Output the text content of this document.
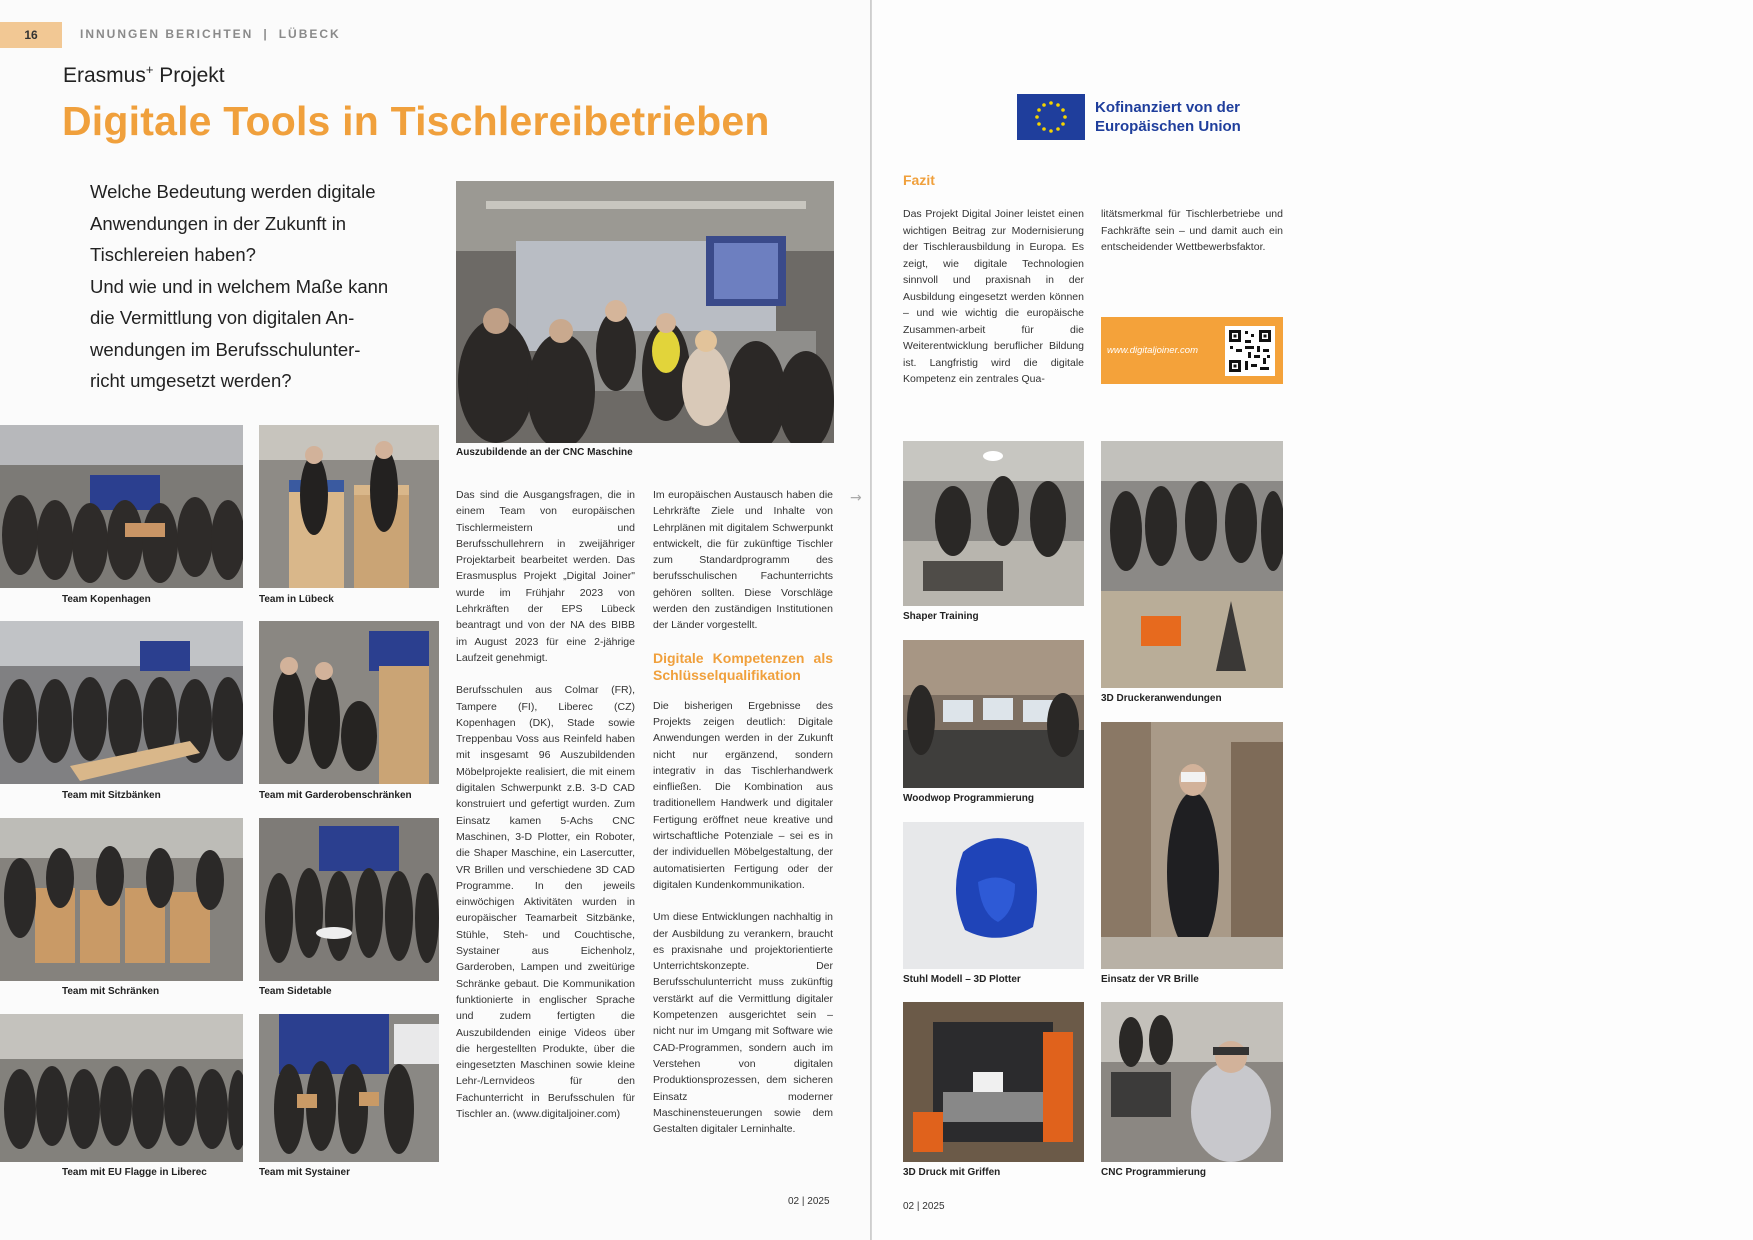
16	INNUNGEN BERICHTEN | LÜBECK
Erasmus+ Projekt
Digitale Tools in Tischlereibetrieben

Welche Bedeutung werden digitale

Anwendungen in der Zukunft in

Tischlereien haben?

Und wie und in welchem Maße kann

die Vermittlung von digitalen An-

wendungen im Berufsschulunter-

richt umgesetzt werden?

Auszubildende an der CNC Maschine
Team Kopenhagen	Team in Lübeck
Team mit Sitzbänken	Team mit Garderobenschränken
Team mit Schränken	Team Sidetable
Team mit EU Flagge in Liberec	Team mit Systainer

Das sind die Ausgangsfragen, die in einem Team von europäischen Tischlermeistern und Berufsschullehrern in zweijähriger Projektarbeit bearbeitet werden. Das Erasmusplus Projekt „Digital Joiner" wurde im Frühjahr 2023 von Lehrkräften der EPS Lübeck beantragt und von der NA des BIBB im August 2023 für eine 2-jährige Laufzeit genehmigt.

Berufsschulen aus Colmar (FR), Tampere (FI), Liberec (CZ) Kopenhagen (DK), Stade sowie Treppenbau Voss aus Reinfeld haben mit insgesamt 96 Auszubildenden Möbelprojekte realisiert, die mit einem digitalen Schwerpunkt z.B. 3-D CAD konstruiert und gefertigt wurden. Zum Einsatz kamen 5-Achs CNC Maschinen, 3-D Plotter, ein Roboter, die Shaper Maschine, ein Lasercutter, VR Brillen und verschiedene 3D CAD Programme. In den jeweils einwöchigen Aktivitäten wurden in europäischer Teamarbeit Sitzbänke, Stühle, Steh- und Couchtische, Systainer aus Eichenholz, Garderoben, Lampen und zweitürige Schränke gebaut. Die Kommunikation funktionierte in englischer Sprache und zudem fertigten die Auszubildenden einige Videos über die hergestellten Produkte, über die eingesetzten Maschinen sowie kleine Lehr-/Lernvideos für den Fachunterricht in Berufsschulen für Tischler an. (www.digitaljoiner.com)

Im europäischen Austausch haben die Lehrkräfte Ziele und Inhalte von Lehrplänen mit digitalem Schwerpunkt entwickelt, die für zukünftige Tischler zum Standardprogramm des berufsschulischen Fachunterrichts gehören sollten. Diese Vorschläge werden den zuständigen Institutionen der Länder vorgestellt.

Digitale Kompetenzen als Schlüsselqualifikation

Die bisherigen Ergebnisse des Projekts zeigen deutlich: Digitale Anwendungen werden in der Zukunft nicht nur ergänzend, sondern integrativ in das Tischlerhandwerk einfließen. Die Kombination aus traditionellem Handwerk und digitaler Fertigung eröffnet neue kreative und wirtschaftliche Potenziale – sei es in der individuellen Möbelgestaltung, der automatisierten Fertigung oder der digitalen Kundenkommunikation.

Um diese Entwicklungen nachhaltig in der Ausbildung zu verankern, braucht es praxisnahe und projektorientierte Unterrichtskonzepte. Der Berufsschulunterricht muss zukünftig verstärkt auf die Vermittlung digitaler Kompetenzen ausgerichtet sein – nicht nur im Umgang mit Software wie CAD-Programmen, sondern auch im Verstehen von digitalen Produktionsprozessen, dem sicheren Einsatz moderner Maschinensteuerungen sowie dem Gestalten digitaler Lerninhalte.

→
02 | 2025
Kofinanziert von der
Europäischen Union
Fazit
Das Projekt Digital Joiner leistet einen wichtigen Beitrag zur Modernisierung der Tischlerausbildung in Europa. Es zeigt, wie digitale Technologien sinnvoll und praxisnah in der Ausbildung eingesetzt werden können – und wie wichtig die europäische Zusammen-arbeit für die Weiterentwicklung beruflicher Bildung ist. Langfristig wird die digitale Kompetenz ein zentrales Qua-
litätsmerkmal für Tischlerbetriebe und Fachkräfte sein – und damit auch ein entscheidender Wettbewerbsfaktor.
www.digitaljoiner.com
Shaper Training
3D Druckeranwendungen
Woodwop Programmierung
Einsatz der VR Brille
Stuhl Modell – 3D Plotter
3D Druck mit Griffen	CNC Programmierung
02 | 2025
